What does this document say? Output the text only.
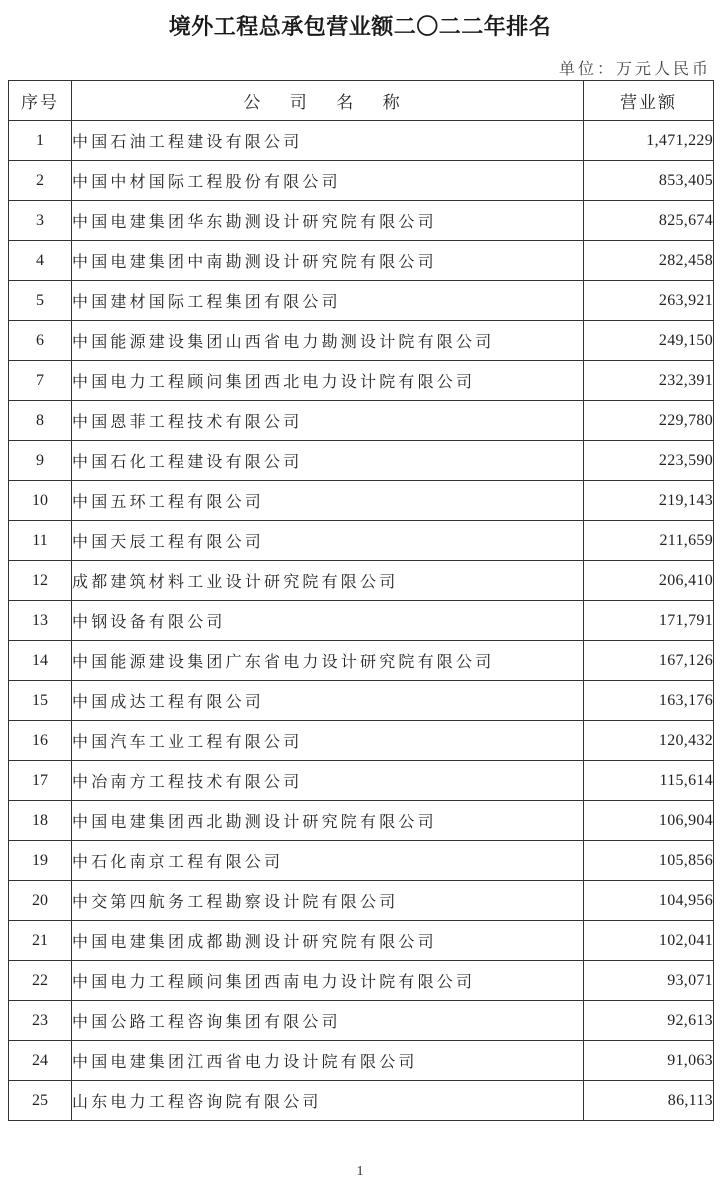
境外工程总承包营业额二〇二二年排名
单位：万元人民币
序号	公 司 名 称	营业额
1	中国石油工程建设有限公司	1,471,229
2	中国中材国际工程股份有限公司	853,405
3	中国电建集团华东勘测设计研究院有限公司	825,674
4	中国电建集团中南勘测设计研究院有限公司	282,458
5	中国建材国际工程集团有限公司	263,921
6	中国能源建设集团山西省电力勘测设计院有限公司	249,150
7	中国电力工程顾问集团西北电力设计院有限公司	232,391
8	中国恩菲工程技术有限公司	229,780
9	中国石化工程建设有限公司	223,590
10	中国五环工程有限公司	219,143
11	中国天辰工程有限公司	211,659
12	成都建筑材料工业设计研究院有限公司	206,410
13	中钢设备有限公司	171,791
14	中国能源建设集团广东省电力设计研究院有限公司	167,126
15	中国成达工程有限公司	163,176
16	中国汽车工业工程有限公司	120,432
17	中冶南方工程技术有限公司	115,614
18	中国电建集团西北勘测设计研究院有限公司	106,904
19	中石化南京工程有限公司	105,856
20	中交第四航务工程勘察设计院有限公司	104,956
21	中国电建集团成都勘测设计研究院有限公司	102,041
22	中国电力工程顾问集团西南电力设计院有限公司	93,071
23	中国公路工程咨询集团有限公司	92,613
24	中国电建集团江西省电力设计院有限公司	91,063
25	山东电力工程咨询院有限公司	86,113
1
